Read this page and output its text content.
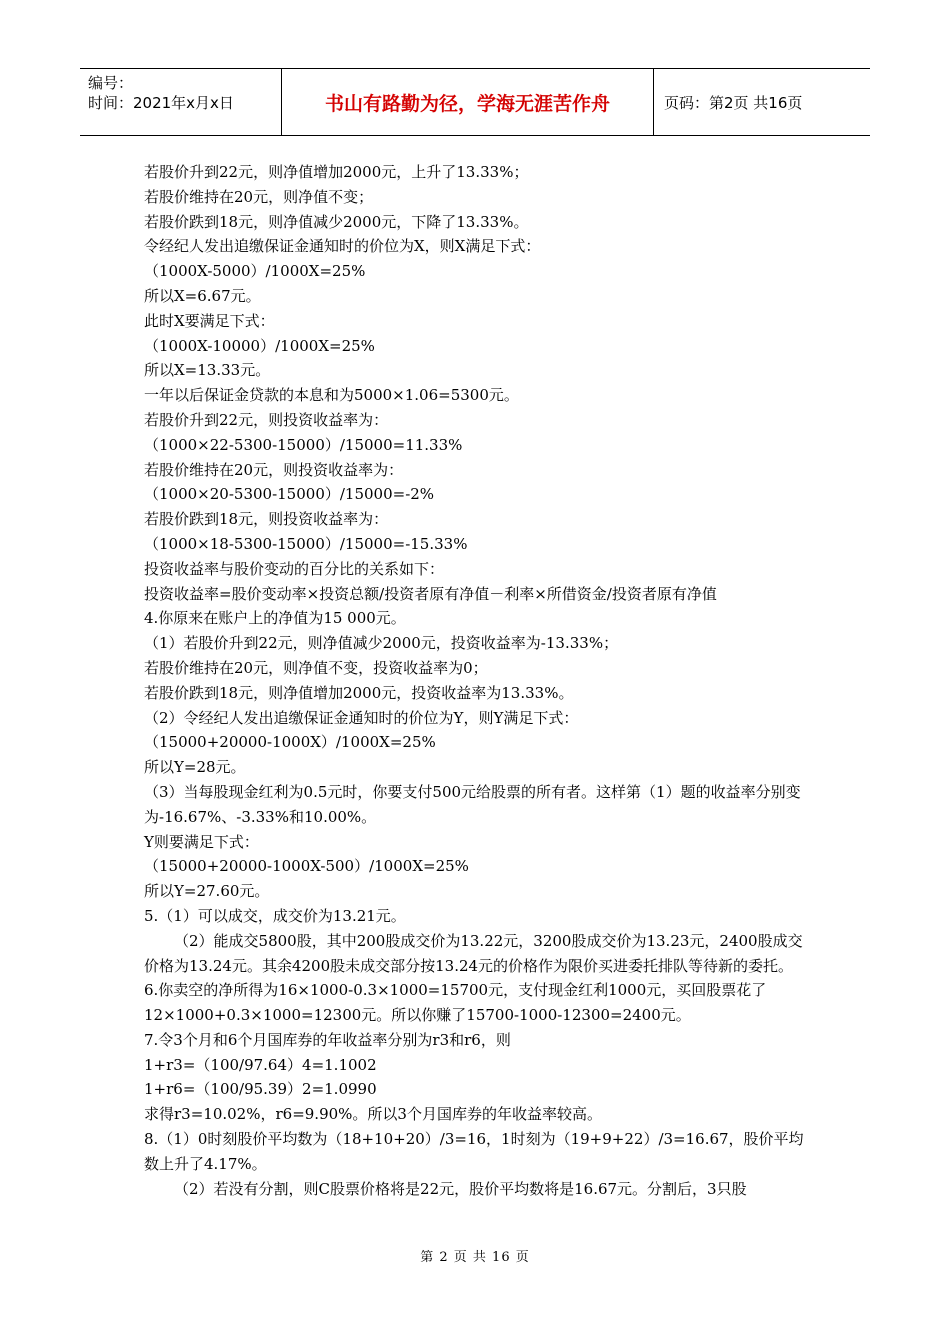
编号：
时间：2021年x月x日	书山有路勤为径，学海无涯苦作舟	页码：第2页 共16页
若股价升到22元，则净值增加2000元，上升了13.33%；
若股价维持在20元，则净值不变；
若股价跌到18元，则净值减少2000元，下降了13.33%。
令经纪人发出追缴保证金通知时的价位为X，则X满足下式：
（1000X-5000）/1000X=25%
所以X=6.67元。
此时X要满足下式：
（1000X-10000）/1000X=25%
所以X=13.33元。
一年以后保证金贷款的本息和为5000×1.06=5300元。
若股价升到22元，则投资收益率为：
（1000×22-5300-15000）/15000=11.33%
若股价维持在20元，则投资收益率为：
（1000×20-5300-15000）/15000=-2%
若股价跌到18元，则投资收益率为：
（1000×18-5300-15000）/15000=-15.33%
投资收益率与股价变动的百分比的关系如下：
投资收益率=股价变动率×投资总额/投资者原有净值－利率×所借资金/投资者原有净值
4.你原来在账户上的净值为15 000元。
（1）若股价升到22元，则净值减少2000元，投资收益率为-13.33%；
若股价维持在20元，则净值不变，投资收益率为0；
若股价跌到18元，则净值增加2000元，投资收益率为13.33%。
（2）令经纪人发出追缴保证金通知时的价位为Y，则Y满足下式：
（15000+20000-1000X）/1000X=25%
所以Y=28元。
（3）当每股现金红利为0.5元时，你要支付500元给股票的所有者。这样第（1）题的收益率分别变为-16.67%、-3.33%和10.00%。
Y则要满足下式：
（15000+20000-1000X-500）/1000X=25%
所以Y=27.60元。
5.（1）可以成交，成交价为13.21元。
（2）能成交5800股，其中200股成交价为13.22元，3200股成交价为13.23元，2400股成交价格为13.24元。其余4200股未成交部分按13.24元的价格作为限价买进委托排队等待新的委托。
6.你卖空的净所得为16×1000-0.3×1000=15700元，支付现金红利1000元，买回股票花了12×1000+0.3×1000=12300元。所以你赚了15700-1000-12300=2400元。
7.令3个月和6个月国库券的年收益率分别为r3和r6，则
1+r3=（100/97.64）4=1.1002
1+r6=（100/95.39）2=1.0990
求得r3=10.02%，r6=9.90%。所以3个月国库券的年收益率较高。
8.（1）0时刻股价平均数为（18+10+20）/3=16，1时刻为（19+9+22）/3=16.67，股价平均数上升了4.17%。
（2）若没有分割，则C股票价格将是22元，股价平均数将是16.67元。分割后，3只股
第 2 页 共 16 页
